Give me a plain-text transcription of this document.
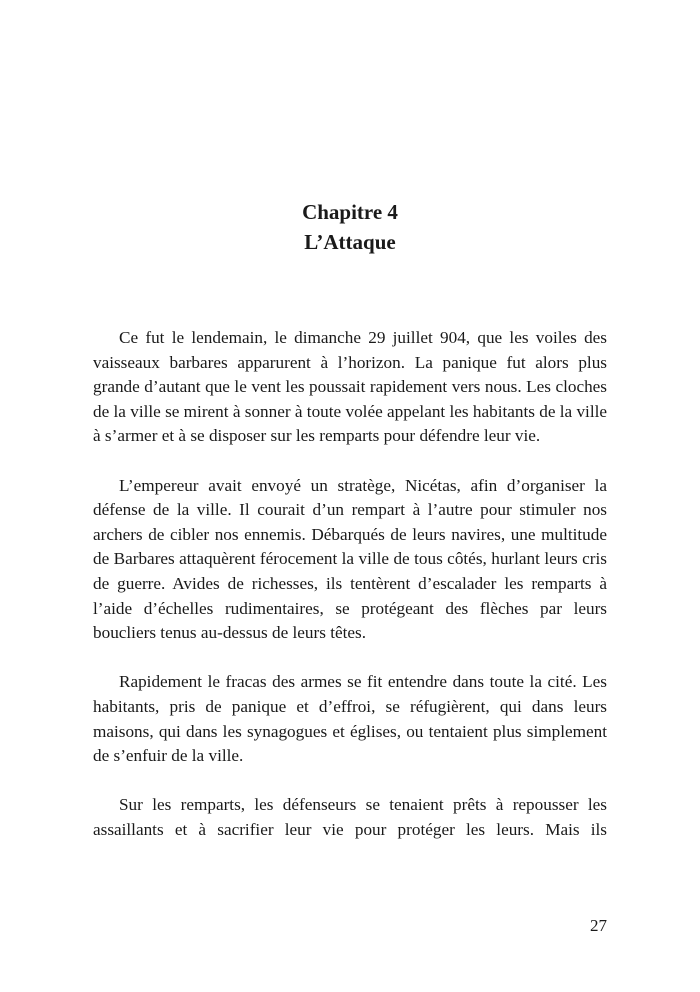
Chapitre 4
L’Attaque

Ce fut le lendemain, le dimanche 29 juillet 904, que les voiles des vaisseaux barbares apparurent à l’horizon. La panique fut alors plus grande d’autant que le vent les poussait rapidement vers nous. Les cloches de la ville se mirent à sonner à toute volée appelant les habitants de la ville à s’armer et à se disposer sur les remparts pour défendre leur vie.

L’empereur avait envoyé un stratège, Nicétas, afin d’organiser la défense de la ville. Il courait d’un rempart à l’autre pour stimuler nos archers de cibler nos ennemis. Débarqués de leurs navires, une multitude de Barbares attaquèrent férocement la ville de tous côtés, hurlant leurs cris de guerre. Avides de richesses, ils tentèrent d’escalader les remparts à l’aide d’échelles rudimentaires, se protégeant des flèches par leurs boucliers tenus au-dessus de leurs têtes.

Rapidement le fracas des armes se fit entendre dans toute la cité. Les habitants, pris de panique et d’effroi, se réfugièrent, qui dans leurs maisons, qui dans les synagogues et églises, ou tentaient plus simplement de s’enfuir de la ville.

Sur les remparts, les défenseurs se tenaient prêts à repousser les assaillants et à sacrifier leur vie pour protéger les leurs. Mais ils

27
